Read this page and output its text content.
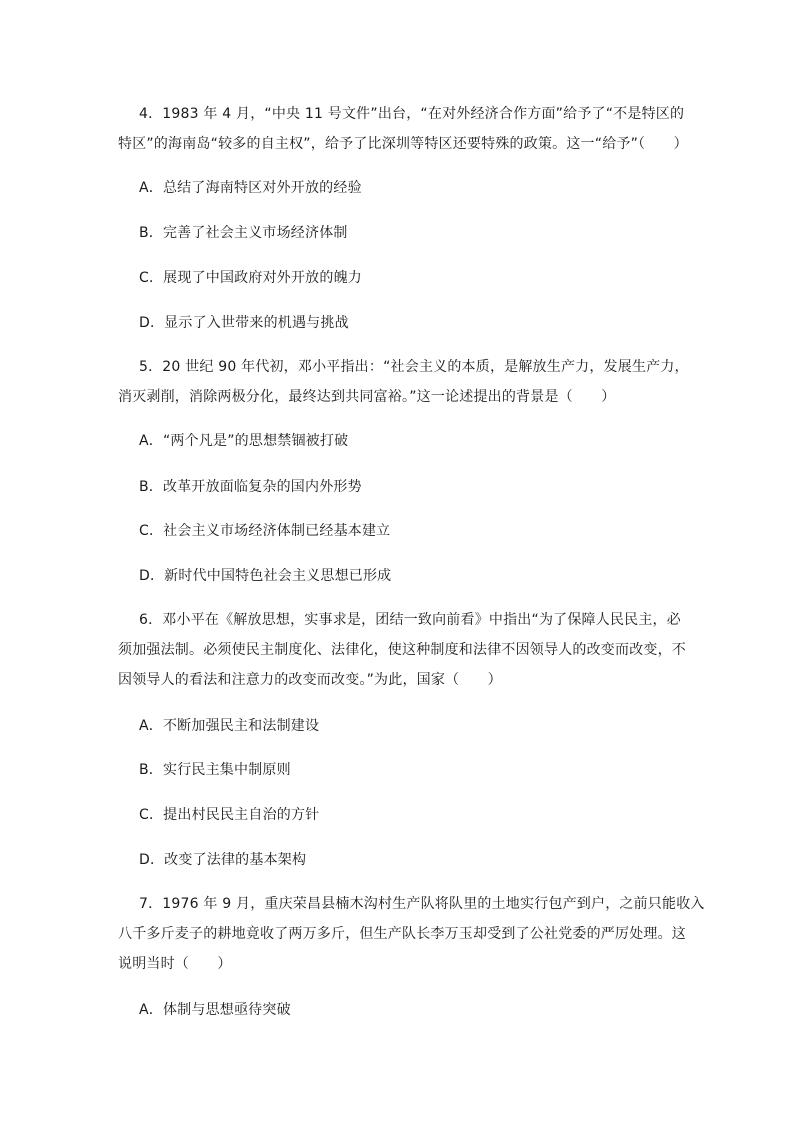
4．1983 年 4 月，“中央 11 号文件”出台，“在对外经济合作方面”给予了“不是特区的
特区”的海南岛“较多的自主权”，给予了比深圳等特区还要特殊的政策。这一“给予”（　　）
A．总结了海南特区对外开放的经验
B．完善了社会主义市场经济体制
C．展现了中国政府对外开放的魄力
D．显示了入世带来的机遇与挑战
5．20 世纪 90 年代初，邓小平指出：“社会主义的本质，是解放生产力，发展生产力，
消灭剥削，消除两极分化，最终达到共同富裕。”这一论述提出的背景是（　　）
A．“两个凡是”的思想禁锢被打破
B．改革开放面临复杂的国内外形势
C．社会主义市场经济体制已经基本建立
D．新时代中国特色社会主义思想已形成
6．邓小平在《解放思想，实事求是，团结一致向前看》中指出“为了保障人民民主，必
须加强法制。必须使民主制度化、法律化，使这种制度和法律不因领导人的改变而改变，不
因领导人的看法和注意力的改变而改变。”为此，国家（　　）
A．不断加强民主和法制建设
B．实行民主集中制原则
C．提出村民民主自治的方针
D．改变了法律的基本架构
7．1976 年 9 月，重庆荣昌县楠木沟村生产队将队里的土地实行包产到户，之前只能收入
八千多斤麦子的耕地竟收了两万多斤，但生产队长李万玉却受到了公社党委的严厉处理。这
说明当时（　　）
A．体制与思想亟待突破
